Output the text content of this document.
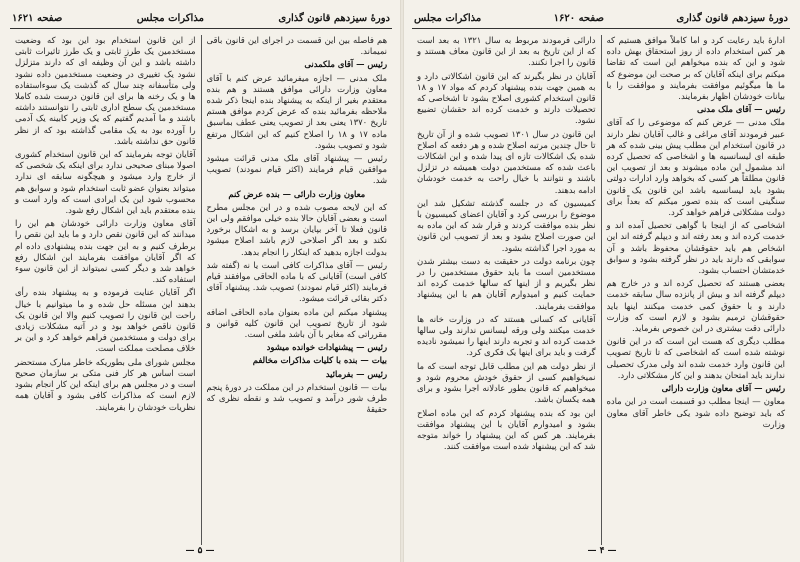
دورهٔ سیزدهم قانون گذاری
مذاکرات مجلس
صفحه ۱۶۲۱

هم فاصله بین این قسمت در اجرای این قانون باقی نمیماند.

رئیس — آقای ملکمدنی

ملک مدنی — اجازه میفرمائید عرض کنم با آقای معاون وزارت دارائی موافق هستند و هم بنده معتقدم بغیر از اینکه به پیشنهاد بنده اینجا ذکر شده ملاحظه بفرمائید بنده که عرض کردم موافق هستم تاریخ ۱۳۷۰ یعنی بعد از تصویب یعنی عطف بماسبق ماده ۱۷ و ۱۸ را اصلاح کنیم که این اشکال مرتفع شود و تصویب بشود.

رئیس — پیشنهاد آقای ملک مدنی قرائت میشود موافقین قیام فرمایند (اکثر قیام نمودند) تصویب شد.

معاون وزارت دارائی — بنده عرض کنم

که این لایحه مصوب شده و در این مجلس مطرح است و بعضی آقایان حالا بنده خیلی موافقم ولی این قانون فعلا تا آخر بپایان برسد و به اشکال برخورد نکند و بعد اگر اصلاحی لازم باشد اصلاح میشود بدولت اجازه بدهید که اینکار را انجام بدهد.

رئیس — آقای مذاکرات کافی است یا نه (گفته شد کافی است) آقایانی که با ماده الحاقی موافقند قیام فرمایند (اکثر قیام نمودند) تصویب شد. پیشنهاد آقای دکتر بقائی قرائت میشود.

پیشنهاد میکنم این ماده بعنوان ماده الحاقی اضافه شود از تاریخ تصویب این قانون کلیه قوانین و مقرراتی که مغایر با آن باشد ملغی است.

رئیس — پیشنهادات خوانده میشود

بیات — بنده با کلیات مذاکرات مخالفم

رئیس — بفرمائید

بیات — قانون استخدام در این مملکت در دورهٔ پنجم طرف شور درآمد و تصویب شد و نقطه نظری که حقیقهٔ

از این قانون استخدام بود این بود که وضعیت مستخدمین یک طرز ثابتی و یک طرز تاثیرات ثابتی داشته باشد و این آن وظیفه ای که دارند متزلزل نشود یک تغییری در وضعیت مستخدمین داده نشود ولی متأسفانه چند سال که گذشت یک سوءاستفاده ها و یک رخنه ها برای این قانون درست شده کاملا مستخدمین یک سطح اداری ثابتی را نتوانستند داشته باشند و ما آمدیم گفتیم که یک وزیر کابینه یک آدمی را آورده بود به یک مقامی گذاشته بود که از نظر قانون حق نداشته باشد.

آقایان توجه بفرمایند که این قانون استخدام کشوری اصولا مبنای صحیحی ندارد برای اینکه یک شخصی که از خارج وارد میشود و هیچگونه سابقه ای ندارد میتواند بعنوان عضو ثابت استخدام شود و سوابق هم محسوب شود این یک ایرادی است که وارد است و بنده معتقدم باید این اشکال رفع شود.

آقای معاون وزارت دارائی خودشان هم این را میدانند که این قانون نقص دارد و ما باید این نقص را برطرف کنیم و به این جهت بنده پیشنهادی داده ام که اگر آقایان موافقت بفرمایند این اشکال رفع خواهد شد و دیگر کسی نمیتواند از این قانون سوء استفاده کند.

اگر آقایان عنایت فرموده و به پیشنهاد بنده رأی بدهند این مسئله حل شده و ما میتوانیم با خیال راحت این قانون را تصویب کنیم والا این قانون یک قانون ناقص خواهد بود و در آتیه مشکلات زیادی برای دولت و مستخدمین فراهم خواهد کرد و این بر خلاف مصلحت مملکت است.

مجلس شورای ملی بطوریکه خاطر مبارک مستحضر است اساس هر کار فنی متکی بر سازمان صحیح است و در مجلس هم برای اینکه این کار انجام بشود لازم است که مذاکرات کافی بشود و آقایان همه نظریات خودشان را بفرمایند.

— ۵ —
دورهٔ سیزدهم قانون گذاری
صفحه ۱۶۲۰
مذاکرات مجلس

ادارهٔ باید رعایت کرد و اما کاملاً موافق هستیم که هر کس استخدام داده از روز استحقاق بهش داده شود و این که بنده میخواهم این است که تقاضا میکنم برای اینکه آقایان که بر صحت این موضوع که ما ها میگوئیم موافقت بفرمایند و موافقت را با بیانات خودشان اظهار بفرمایند.

رئیس — آقای ملک مدنی

ملک مدنی — عرض کنم که موضوعی را که آقای عبیر فرمودند آقای مراغی و غالب آقایان نظر دارند در قانون استخدام این مطلب پیش بینی شده که هر طبقه ای لیسانسیه ها و اشخاصی که تحصیل کرده اند مشمول این ماده میشوند و بعد از تصویب این قانون مطلقاً هر کسی که بخواهد وارد ادارات دولتی بشود باید لیسانسیه باشد این قانون یک قانون سنگینی است که بنده تصور میکنم که بعداً برای دولت مشکلاتی فراهم خواهد کرد.

اشخاصی که از اینجا با گواهی تحصیل آمده اند و خدمت کرده اند و بعد رفته اند و دیپلم گرفته اند این اشخاص هم باید حقوقشان محفوظ باشد و آن سوابقی که دارند باید در نظر گرفته بشود و سوابق خدمتشان احتساب بشود.

بعضی هستند که تحصیل کرده اند و در خارج هم دیپلم گرفته اند و بیش از پانزده سال سابقه خدمت دارند و با حقوق کمی خدمت میکنند اینها باید حقوقشان ترمیم بشود و لازم است که وزارت دارائی دقت بیشتری در این خصوص بفرماید.

مطلب دیگری که هست این است که در این قانون نوشته شده است که اشخاصی که تا تاریخ تصویب این قانون وارد خدمت شده اند ولی مدرک تحصیلی ندارند باید امتحان بدهند و این کار مشکلاتی دارد.

رئیس — آقای معاون وزارت دارائی

معاون — اینجا مطلب دو قسمت است در این ماده که باید توضیح داده شود یکی خاطر آقای معاون وزارت

دارائی فرمودند مربوط به سال ۱۳۲۱ به بعد است که از این تاریخ به بعد از این قانون معاف هستند و قانون را اجرا نکنند.

آقایان در نظر بگیرند که این قانون اشکالاتی دارد و به همین جهت بنده پیشنهاد کردم که مواد ۱۷ و ۱۸ قانون استخدام کشوری اصلاح بشود تا اشخاصی که تحصیلات دارند و خدمت کرده اند حقشان تضییع نشود.

این قانون در سال ۱۳۰۱ تصویب شده و از آن تاریخ تا حال چندین مرتبه اصلاح شده و هر دفعه که اصلاح شده یک اشکالات تازه ای پیدا شده و این اشکالات باعث شده که مستخدمین دولت همیشه در تزلزل باشند و نتوانند با خیال راحت به خدمت خودشان ادامه بدهند.

کمیسیون که در جلسه گذشته تشکیل شد این موضوع را بررسی کرد و آقایان اعضای کمیسیون با نظر بنده موافقت کردند و قرار شد که این ماده به این صورت اصلاح بشود و بعد از تصویب این قانون به مورد اجرا گذاشته بشود.

چون برنامه دولت در حقیقت به دست بیشتر شدن مستخدمین است ما باید حقوق مستخدمین را در نظر بگیریم و از اینها که سالها خدمت کرده اند حمایت کنیم و امیدوارم آقایان هم با این پیشنهاد موافقت بفرمایند.

آقایانی که کسانی هستند که در وزارت خانه ها خدمت میکنند ولی ورقه لیسانس ندارند ولی سالها خدمت کرده اند و تجربه دارند اینها را نمیشود نادیده گرفت و باید برای اینها یک فکری کرد.

از نظر دولت هم این مطلب قابل توجه است که ما نمیخواهیم کسی از حقوق خودش محروم شود و میخواهیم که قانون بطور عادلانه اجرا بشود و برای همه یکسان باشد.

این بود که بنده پیشنهاد کردم که این ماده اصلاح بشود و امیدوارم آقایان با این پیشنهاد موافقت بفرمایند. هر کس که این پیشنهاد را خواند متوجه شد که این پیشنهاد شده است موافقت کنند.

— ۴ —
